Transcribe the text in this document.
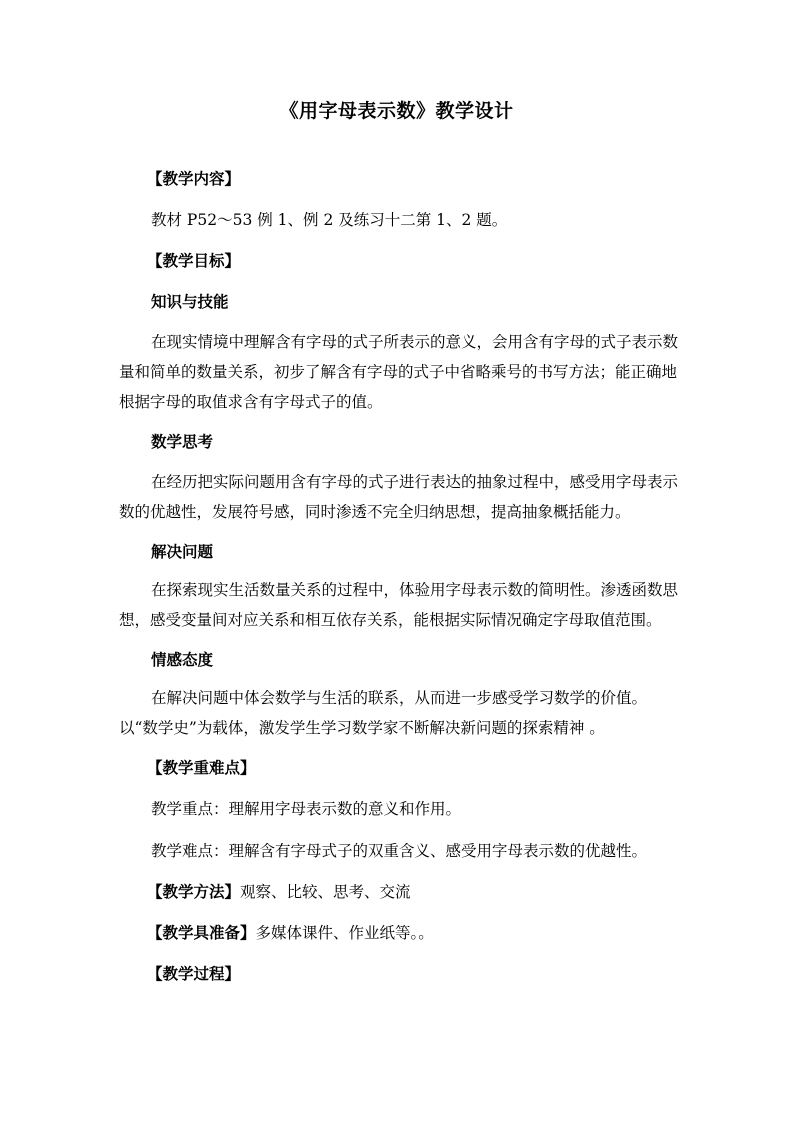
《用字母表示数》教学设计
【教学内容】
教材 P52～53 例 1、例 2 及练习十二第 1、2 题。
【教学目标】
知识与技能
在现实情境中理解含有字母的式子所表示的意义，会用含有字母的式子表示数量和简单的数量关系，初步了解含有字母的式子中省略乘号的书写方法；能正确地根据字母的取值求含有字母式子的值。
数学思考
在经历把实际问题用含有字母的式子进行表达的抽象过程中，感受用字母表示数的优越性，发展符号感，同时渗透不完全归纳思想，提高抽象概括能力。
解决问题
在探索现实生活数量关系的过程中，体验用字母表示数的简明性。渗透函数思想，感受变量间对应关系和相互依存关系，能根据实际情况确定字母取值范围。
情感态度
在解决问题中体会数学与生活的联系，从而进一步感受学习数学的价值。以“数学史”为载体，激发学生学习数学家不断解决新问题的探索精神 。
【教学重难点】
教学重点：理解用字母表示数的意义和作用。
教学难点：理解含有字母式子的双重含义、感受用字母表示数的优越性。
【教学方法】观察、比较、思考、交流
【教学具准备】多媒体课件、作业纸等。。
【教学过程】
